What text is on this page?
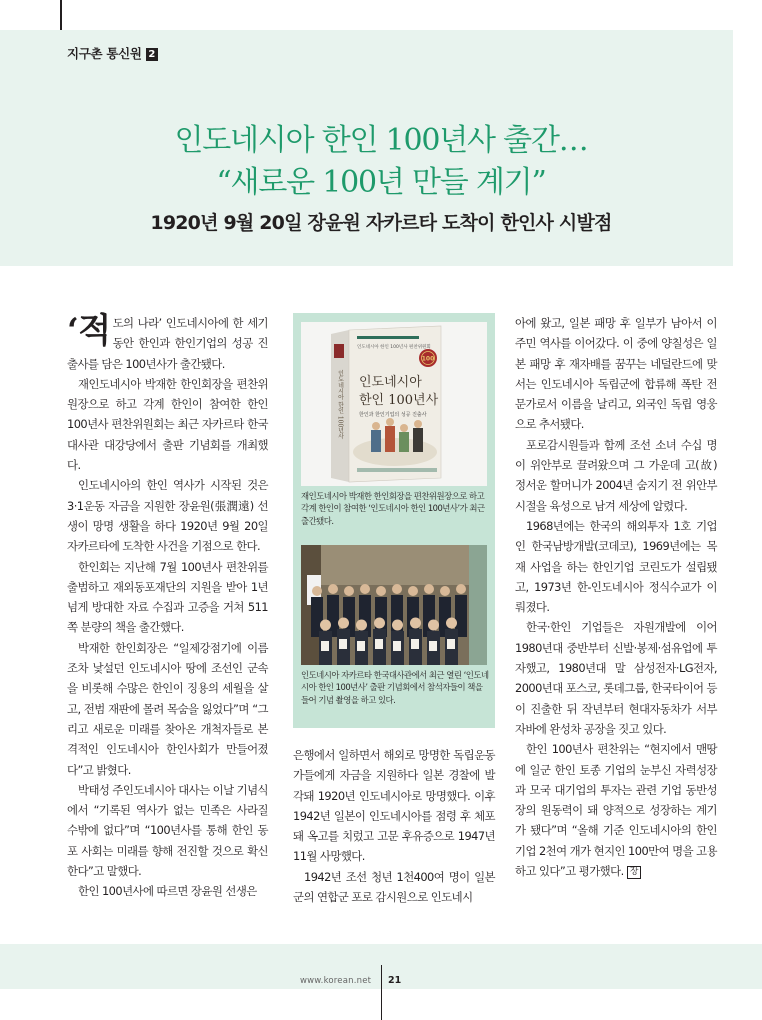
지구촌 통신원 2
인도네시아 한인 100년사 출간…
“새로운 100년 만들 계기”
1920년 9월 20일 장윤원 자카르타 도착이 한인사 시발점

‘적도의 나라’ 인도네시아에 한 세기 동안 한인과 한인기업의 성공 진출사를 담은 100년사가 출간됐다.

재인도네시아 박재한 한인회장을 편찬위원장으로 하고 각계 한인이 참여한 한인 100년사 편찬위원회는 최근 자카르타 한국대사관 대강당에서 출판 기념회를 개최했다.

인도네시아의 한인 역사가 시작된 것은 3·1운동 자금을 지원한 장윤원(張潤遠) 선생이 망명 생활을 하다 1920년 9월 20일 자카르타에 도착한 사건을 기점으로 한다.

한인회는 지난해 7월 100년사 편찬위를 출범하고 재외동포재단의 지원을 받아 1년 넘게 방대한 자료 수집과 고증을 거쳐 511쪽 분량의 책을 출간했다.

박재한 한인회장은 “일제강점기에 이름조차 낯설던 인도네시아 땅에 조선인 군속을 비롯해 수많은 한인이 징용의 세월을 살고, 전범 재판에 몰려 목숨을 잃었다”며 “그리고 새로운 미래를 찾아온 개척자들로 본격적인 인도네시아 한인사회가 만들어졌다”고 밝혔다.

박태성 주인도네시아 대사는 이날 기념식에서 “기록된 역사가 없는 민족은 사라질 수밖에 없다”며 “100년사를 통해 한인 동포 사회는 미래를 향해 전진할 것으로 확신한다”고 말했다.

한인 100년사에 따르면 장윤원 선생은

인도네시아 한인 100년사
인도네시아 한인 100년사 편찬위원회
100
인도네시아
한인 100년사
한인과 한인기업의 성공 진출사
재인도네시아 박재한 한인회장을 편찬위원장으로 하고 각계 한인이 참여한 ‘인도네시아 한인 100년사’가 최근 출간됐다.
인도네시아 자카르타 한국대사관에서 최근 열린 ‘인도네시아 한인 100년사’ 출판 기념회에서 참석자들이 책을 들어 기념 촬영을 하고 있다.

은행에서 일하면서 해외로 망명한 독립운동가들에게 자금을 지원하다 일본 경찰에 발각돼 1920년 인도네시아로 망명했다. 이후 1942년 일본이 인도네시아를 점령 후 체포돼 옥고를 치렀고 고문 후유증으로 1947년 11월 사망했다.

1942년 조선 청년 1천400여 명이 일본군의 연합군 포로 감시원으로 인도네시

아에 왔고, 일본 패망 후 일부가 남아서 이주민 역사를 이어갔다. 이 중에 양칠성은 일본 패망 후 재자배를 꿈꾸는 네덜란드에 맞서는 인도네시아 독립군에 합류해 폭탄 전문가로서 이름을 날리고, 외국인 독립 영웅으로 추서됐다.

포로감시원들과 함께 조선 소녀 수십 명이 위안부로 끌려왔으며 그 가운데 고(故) 정서운 할머니가 2004년 숨지기 전 위안부 시절을 육성으로 남겨 세상에 알렸다.

1968년에는 한국의 해외투자 1호 기업인 한국남방개발(코데코), 1969년에는 목재 사업을 하는 한인기업 코린도가 설립됐고, 1973년 한-인도네시아 정식수교가 이뤄졌다.

한국·한인 기업들은 자원개발에 이어 1980년대 중반부터 신발·봉제·섬유업에 투자했고, 1980년대 말 삼성전자·LG전자, 2000년대 포스코, 롯데그룹, 한국타이어 등이 진출한 뒤 작년부터 현대자동차가 서부 자바에 완성차 공장을 짓고 있다.

한인 100년사 편찬위는 “현지에서 맨땅에 일군 한인 토종 기업의 눈부신 자력성장과 모국 대기업의 투자는 관련 기업 동반성장의 원동력이 돼 양적으로 성장하는 계기가 됐다”며 “올해 기준 인도네시아의 한인기업 2천여 개가 현지인 100만여 명을 고용하고 있다”고 평가했다. 장

www.korean.net 21
